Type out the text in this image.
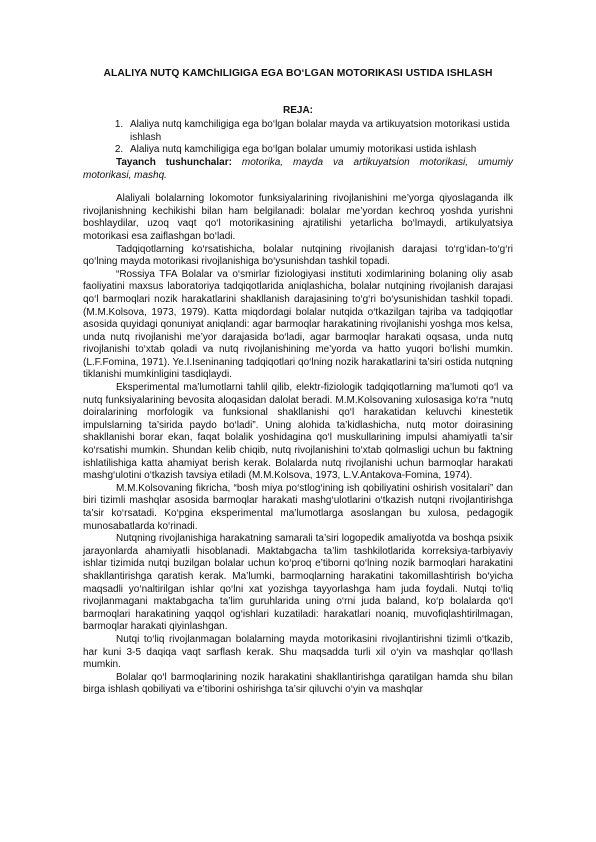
ALALIYA NUTQ KAMChILIGIGA EGA BO‘LGAN MOTORIKASI USTIDA ISHLASH
REJA:
1. Alaliya nutq kamchiligiga ega bo‘lgan bolalar mayda va artikuyatsion motorikasi ustida ishlash
2. Alaliya nutq kamchiligiga ega bo‘lgan bolalar umumiy motorikasi ustida ishlash

Tayanch tushunchalar: motorika, mayda va artikuyatsion motorikasi, umumiy motorikasi, mashq.

Alaliyali bolalarning lokomotor funksiyalarining rivojlanishini me’yorga qiyoslaganda ilk rivojlanishning kechikishi bilan ham belgilanadi: bolalar me’yordan kechroq yoshda yurishni boshlaydilar, uzoq vaqt qo‘l motorikasining ajratilishi yetarlicha bo‘lmaydi, artikulyatsiya motorikasi esa zaiflashgan bo‘ladi.

Tadqiqotlarning ko‘rsatishicha, bolalar nutqining rivojlanish darajasi to‘rg‘idan-to‘g‘ri qo‘lning mayda motorikasi rivojlanishiga bo‘ysunishdan tashkil topadi.

“Rossiya TFA Bolalar va o‘smirlar fiziologiyasi instituti xodimlarining bolaning oliy asab faoliyatini maxsus laboratoriya tadqiqotlarida aniqlashicha, bolalar nutqining rivojlanish darajasi qo‘l barmoqlari nozik harakatlarini shakllanish darajasining to‘g‘ri bo‘ysunishidan tashkil topadi. (M.M.Kolsova, 1973, 1979). Katta miqdordagi bolalar nutqida o‘tkazilgan tajriba va tadqiqotlar asosida quyidagi qonuniyat aniqlandi: agar barmoqlar harakatining rivojlanishi yoshga mos kelsa, unda nutq rivojlanishi me’yor darajasida bo‘ladi, agar barmoqlar harakati oqsasa, unda nutq rivojlanishi to‘xtab qoladi va nutq rivojlanishining me’yorda va hatto yuqori bo‘lishi mumkin. (L.F.Fomina, 1971). Ye.I.Iseninaning tadqiqotlari qo‘lning nozik harakatlarini ta’siri ostida nutqning tiklanishi mumkinligini tasdiqlaydi.

Eksperimental ma’lumotlarni tahlil qilib, elektr-fiziologik tadqiqotlarning ma’lumoti qo‘l va nutq funksiyalarining bevosita aloqasidan dalolat beradi. M.M.Kolsovaning xulosasiga ko‘ra “nutq doiralarining morfologik va funksional shakllanishi qo‘l harakatidan keluvchi kinestetik impulslarning ta’sirida paydo bo‘ladi”. Uning alohida ta’kidlashicha, nutq motor doirasining shakllanishi borar ekan, faqat bolalik yoshidagina qo‘l muskullarining impulsi ahamiyatli ta’sir ko‘rsatishi mumkin. Shundan kelib chiqib, nutq rivojlanishini to‘xtab qolmasligi uchun bu faktning ishlatilishiga katta ahamiyat berish kerak. Bolalarda nutq rivojlanishi uchun barmoqlar harakati mashg‘ulotini o‘tkazish tavsiya etiladi (M.M.Kolsova, 1973, L.V.Antakova-Fomina, 1974).

M.M.Kolsovaning fikricha, “bosh miya po‘stlog‘ining ish qobiliyatini oshirish vositalari” dan biri tizimli mashqlar asosida barmoqlar harakati mashg‘ulotlarini o‘tkazish nutqni rivojlantirishga ta’sir ko‘rsatadi. Ko‘pgina eksperimental ma’lumotlarga asoslangan bu xulosa, pedagogik munosabatlarda ko‘rinadi.

Nutqning rivojlanishiga harakatning samarali ta’siri logopedik amaliyotda va boshqa psixik jarayonlarda ahamiyatli hisoblanadi. Maktabgacha ta’lim tashkilotlarida korreksiya-tarbiyaviy ishlar tizimida nutqi buzilgan bolalar uchun ko‘proq e’tiborni qo‘lning nozik barmoqlari harakatini shakllantirishga qaratish kerak. Ma’lumki, barmoqlarning harakatini takomillashtirish bo‘yicha maqsadli yo‘naltirilgan ishlar qo‘lni xat yozishga tayyorlashga ham juda foydali. Nutqi to‘liq rivojlanmagani maktabgacha ta’lim guruhlarida uning o‘rni juda baland, ko‘p bolalarda qo‘l barmoqlari harakatining yaqqol og‘ishlari kuzatiladi: harakatlari noaniq, muvofiqlashtirilmagan, barmoqlar harakati qiyinlashgan.

Nutqi to‘liq rivojlanmagan bolalarning mayda motorikasini rivojlantirishni tizimli o‘tkazib, har kuni 3-5 daqiqa vaqt sarflash kerak. Shu maqsadda turli xil o‘yin va mashqlar qo‘llash mumkin.

Bolalar qo‘l barmoqlarining nozik harakatini shakllantirishga qaratilgan hamda shu bilan birga ishlash qobiliyati va e’tiborini oshirishga ta’sir qiluvchi o‘yin va mashqlar
